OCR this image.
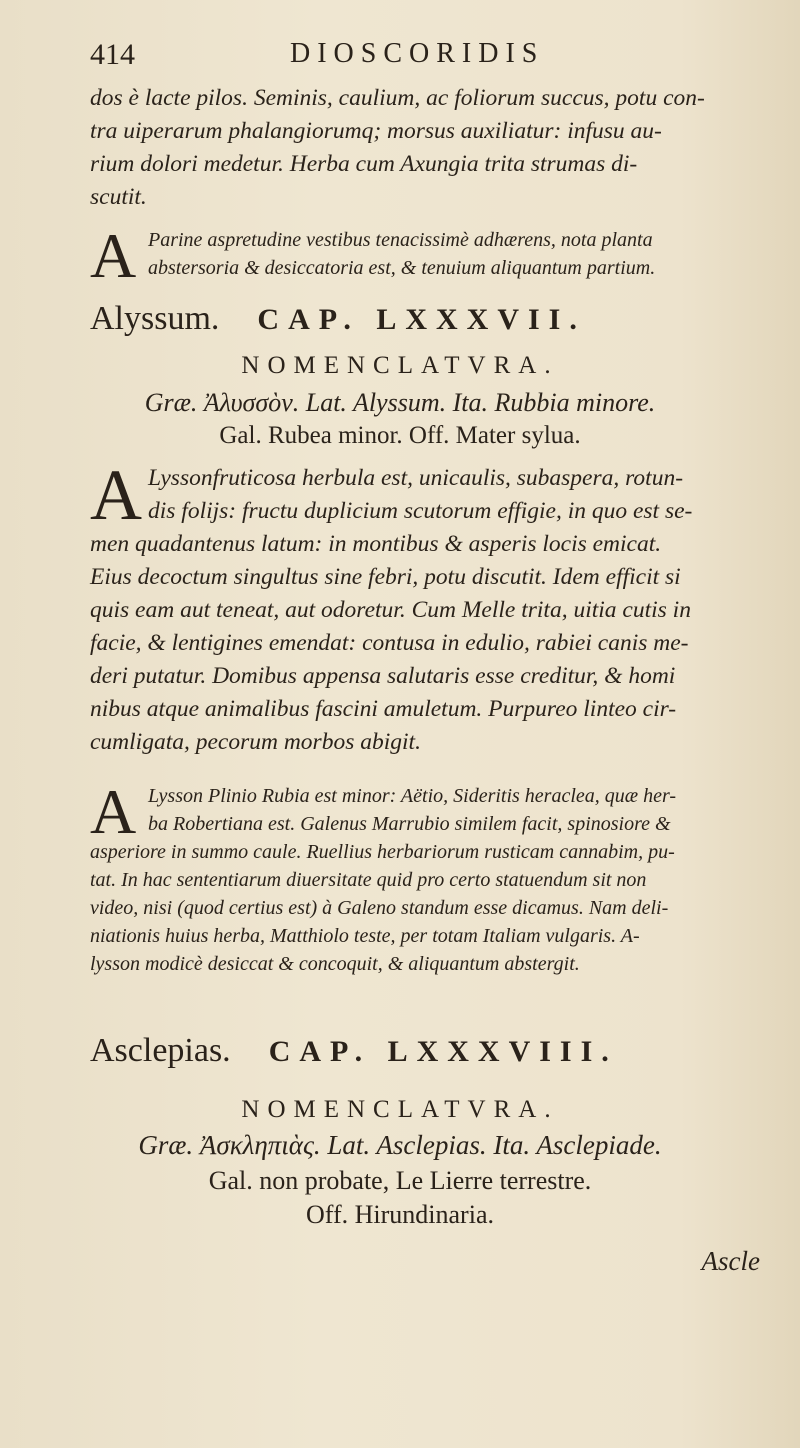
414	DIOSCORIDIS
dos è lacte pilos. Seminis, caulium, ac foliorum succus, potu con-
tra uiperarum phalangiorumq; morsus auxiliatur: infusu au-
rium dolori medetur. Herba cum Axungia trita strumas di-
scutit.
A Parine aspretudine vestibus tenacissimè adhærens, nota planta
abstersoria & desiccatoria est, & tenuium aliquantum partium.
Alyssum. CAP. LXXXVII.
NOMENCLATVRA.
Græ. Ἀλυσσὸν. Lat. Alyssum. Ita. Rubbia minore.
Gal. Rubea minor. Off. Mater sylua.
A Lyssonfruticosa herbula est, unicaulis, subaspera, rotun-
dis folijs: fructu duplicium scutorum effigie, in quo est se-
men quadantenus latum: in montibus & asperis locis emicat.
Eius decoctum singultus sine febri, potu discutit. Idem efficit si
quis eam aut teneat, aut odoretur. Cum Melle trita, uitia cutis in
facie, & lentigines emendat: contusa in edulio, rabiei canis me-
deri putatur. Domibus appensa salutaris esse creditur, & homi
nibus atque animalibus fascini amuletum. Purpureo linteo cir-
cumligata, pecorum morbos abigit.
A Lysson Plinio Rubia est minor: Aëtio, Sideritis heraclea, quæ her-
ba Robertiana est. Galenus Marrubio similem facit, spinosiore &
asperiore in summo caule. Ruellius herbariorum rusticam cannabim, pu-
tat. In hac sententiarum diuersitate quid pro certo statuendum sit non
video, nisi (quod certius est) à Galeno standum esse dicamus. Nam deli-
niationis huius herba, Matthiolo teste, per totam Italiam vulgaris. A-
lysson modicè desiccat & concoquit, & aliquantum abstergit.
Asclepias. CAP. LXXXVIII.
NOMENCLATVRA.
Græ. Ἀσκληπιὰς. Lat. Asclepias. Ita. Asclepiade.
Gal. non probate, Le Lierre terrestre.
Off. Hirundinaria.
Ascle
